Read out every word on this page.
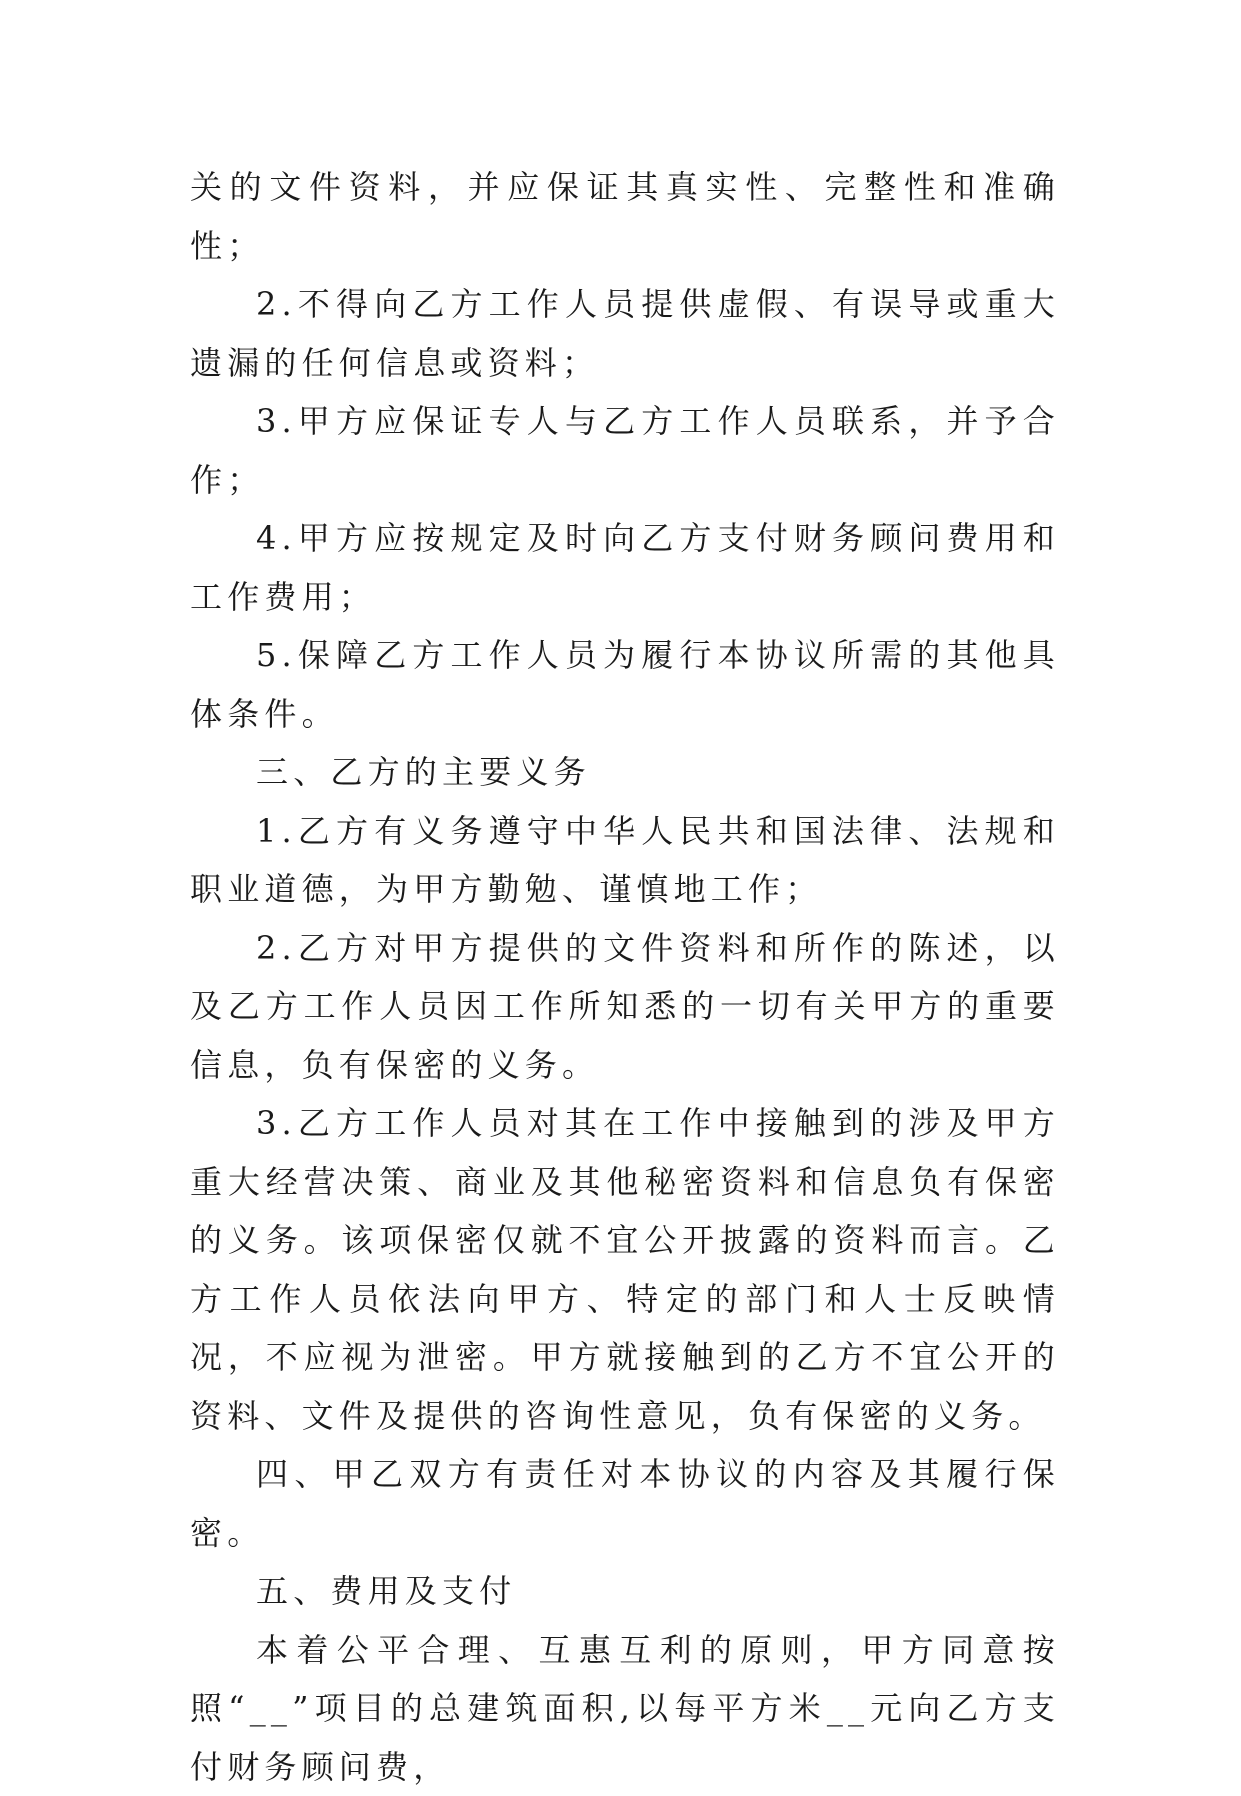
关的文件资料，并应保证其真实性、完整性和准确性；

2.不得向乙方工作人员提供虚假、有误导或重大遗漏的任何信息或资料；

3.甲方应保证专人与乙方工作人员联系，并予合作；

4.甲方应按规定及时向乙方支付财务顾问费用和工作费用；

5.保障乙方工作人员为履行本协议所需的其他具体条件。

三、乙方的主要义务

1.乙方有义务遵守中华人民共和国法律、法规和职业道德，为甲方勤勉、谨慎地工作；

2.乙方对甲方提供的文件资料和所作的陈述，以及乙方工作人员因工作所知悉的一切有关甲方的重要信息，负有保密的义务。

3.乙方工作人员对其在工作中接触到的涉及甲方重大经营决策、商业及其他秘密资料和信息负有保密的义务。该项保密仅就不宜公开披露的资料而言。乙方工作人员依法向甲方、特定的部门和人士反映情况，不应视为泄密。甲方就接触到的乙方不宜公开的资料、文件及提供的咨询性意见，负有保密的义务。

四、甲乙双方有责任对本协议的内容及其履行保密。

五、费用及支付

本着公平合理、互惠互利的原则，甲方同意按照“__”项目的总建筑面积,以每平方米__元向乙方支付财务顾问费，
